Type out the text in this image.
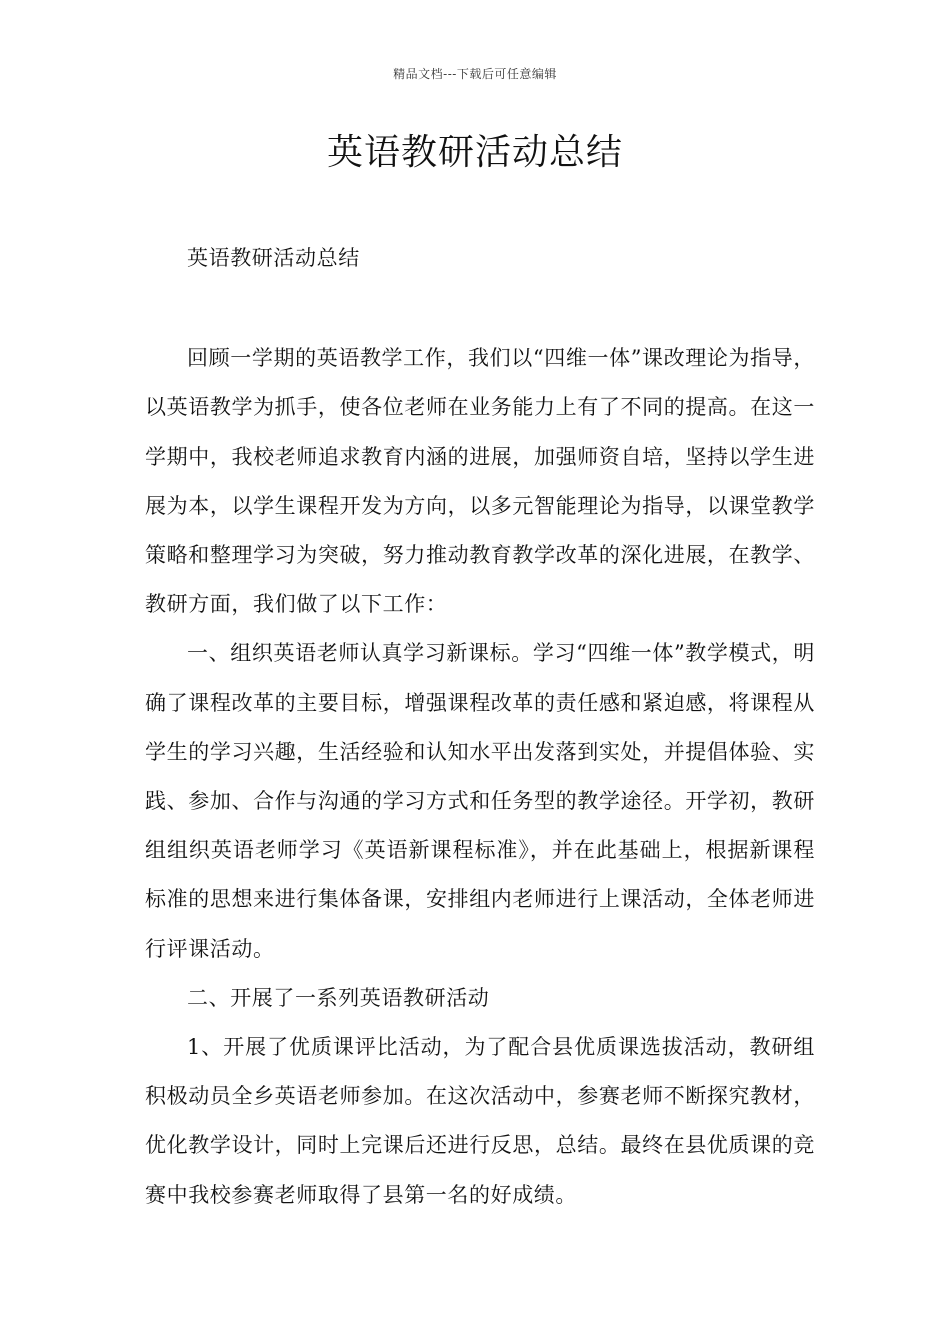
精品文档---下载后可任意编辑
英语教研活动总结

英语教研活动总结

回顾一学期的英语教学工作，我们以“四维一体”课改理论为指导，以英语教学为抓手，使各位老师在业务能力上有了不同的提高。在这一学期中，我校老师追求教育内涵的进展，加强师资自培，坚持以学生进展为本，以学生课程开发为方向，以多元智能理论为指导，以课堂教学策略和整理学习为突破，努力推动教育教学改革的深化进展，在教学、教研方面，我们做了以下工作：

一、组织英语老师认真学习新课标。学习“四维一体”教学模式，明确了课程改革的主要目标，增强课程改革的责任感和紧迫感，将课程从学生的学习兴趣，生活经验和认知水平出发落到实处，并提倡体验、实践、参加、合作与沟通的学习方式和任务型的教学途径。开学初，教研组组织英语老师学习《英语新课程标准》，并在此基础上，根据新课程标准的思想来进行集体备课，安排组内老师进行上课活动，全体老师进行评课活动。

二、开展了一系列英语教研活动

1、开展了优质课评比活动，为了配合县优质课选拔活动，教研组积极动员全乡英语老师参加。在这次活动中，参赛老师不断探究教材，优化教学设计，同时上完课后还进行反思，总结。最终在县优质课的竞赛中我校参赛老师取得了县第一名的好成绩。
